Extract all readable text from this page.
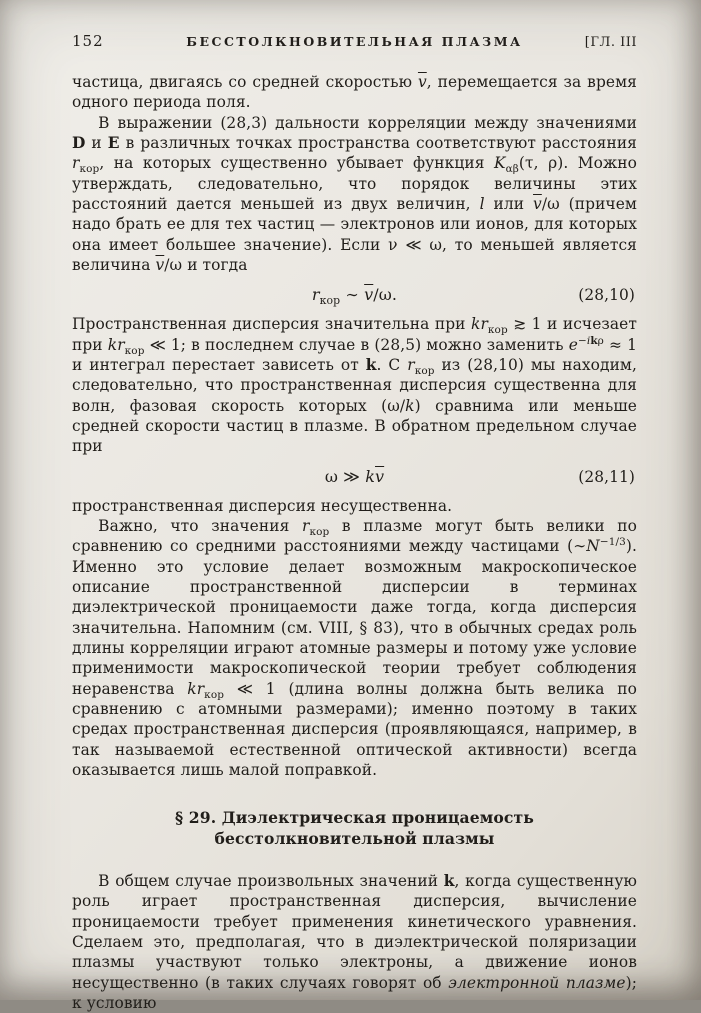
152	БЕССТОЛКНОВИТЕЛЬНАЯ ПЛАЗМА	[ГЛ. III

частица, двигаясь со средней скоростью $\overline{v}$, перемещается за время одного периода поля.

В выражении (28,3) дальности корреляции между значениями D и E в различных точках пространства соответствуют расстояния $r_{кор}$, на которых существенно убывает функция $K_{\alpha\beta}(\tau$, ρ). Можно утверждать, следовательно, что порядок величины этих расстояний дается меньшей из двух величин, l или $\overline{v}/\omega$ (причем надо брать ее для тех частиц — электронов или ионов, для которых она имеет большее значение). Если ν ≪ ω, то меньшей является величина $\overline{v}/\omega$ и тогда

$r_{кор}$ ∼ $\overline{v}/\omega$.	(28,10)

Пространственная дисперсия значительна при $kr_{кор}$ ≳ 1 и исчезает при $kr_{кор}$ ≪ 1; в последнем случае в (28,5) можно заменить $e^{-ik\rho} \approx 1$ и интеграл перестает зависеть от k. С $r_{кор}$ из (28,10) мы находим, следовательно, что пространственная дисперсия существенна для волн, фазовая скорость которых (ω/k) сравнима или меньше средней скорости частиц в плазме. В обратном предельном случае при

ω ≫ $k\overline{v}$	(28,11)

пространственная дисперсия несущественна.

Важно, что значения $r_{кор}$ в плазме могут быть велики по сравнению со средними расстояниями между частицами $(\sim N^{-1/3})$. Именно это условие делает возможным макроскопическое описание пространственной дисперсии в терминах диэлектрической проницаемости даже тогда, когда дисперсия значительна. Напомним (см. VIII, § 83), что в обычных средах роль длины корреляции играют атомные размеры и потому уже условие применимости макроскопической теории требует соблюдения неравенства $kr_{кор}$ ≪ 1 (длина волны должна быть велика по сравнению с атомными размерами); именно поэтому в таких средах пространственная дисперсия (проявляющаяся, например, в так называемой естественной оптической активности) всегда оказывается лишь малой поправкой.

§ 29. Диэлектрическая проницаемость бесстолкновительной плазмы

В общем случае произвольных значений k, когда существенную роль играет пространственная дисперсия, вычисление проницаемости требует применения кинетического уравнения. Сделаем это, предполагая, что в диэлектрической поляризации плазмы участвуют только электроны, а движение ионов несущественно (в таких случаях говорят об электронной плазме); к условию
